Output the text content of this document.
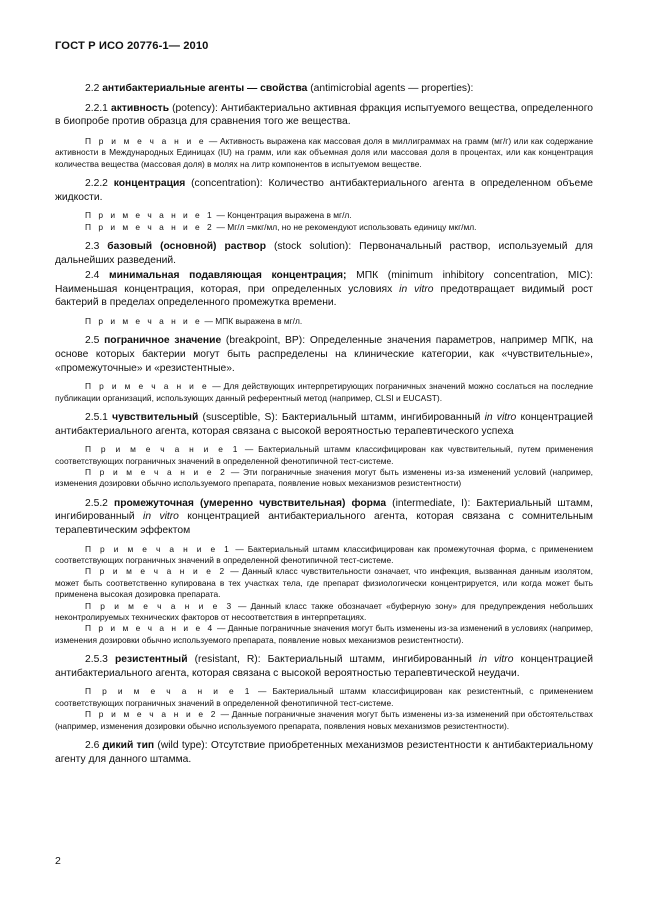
ГОСТ Р ИСО 20776-1— 2010

2.2 антибактериальные агенты — свойства (antimicrobial agents — properties):

2.2.1 активность (potency): Антибактериально активная фракция испытуемого вещества, определенного в биопробе против образца для сравнения того же вещества.

П р и м е ч а н и е — Активность выражена как массовая доля в миллиграммах на грамм (мг/г) или как содержание активности в Международных Единицах (IU) на грамм, или как объемная доля или массовая доля в процентах, или как концентрация количества вещества (массовая доля) в молях на литр компонентов в испытуемом веществе.

2.2.2 концентрация (concentration): Количество антибактериального агента в определенном объеме жидкости.

П р и м е ч а н и е 1 — Концентрация выражена в мг/л.

П р и м е ч а н и е 2 — Мг/л =мкг/мл, но не рекомендуют использовать единицу мкг/мл.

2.3 базовый (основной) раствор (stock solution): Первоначальный раствор, используемый для дальнейших разведений.

2.4 минимальная подавляющая концентрация; МПК (minimum inhibitory concentration, MIC): Наименьшая концентрация, которая, при определенных условиях in vitro предотвращает видимый рост бактерий в пределах определенного промежутка времени.

П р и м е ч а н и е — МПК выражена в мг/л.

2.5 пограничное значение (breakpoint, BP): Определенные значения параметров, например МПК, на основе которых бактерии могут быть распределены на клинические категории, как «чувствительные», «промежуточные» и «резистентные».

П р и м е ч а н и е — Для действующих интерпретирующих пограничных значений можно сослаться на последние публикации организаций, использующих данный референтный метод (например, CLSI и EUCAST).

2.5.1 чувствительный (susceptible, S): Бактериальный штамм, ингибированный in vitro концентрацией антибактериального агента, которая связана с высокой вероятностью терапевтического успеха

П р и м е ч а н и е 1 — Бактериальный штамм классифицирован как чувствительный, путем применения соответствующих пограничных значений в определенной фенотипичной тест-системе.

П р и м е ч а н и е 2 — Эти пограничные значения могут быть изменены из-за изменений условий (например, изменения дозировки обычно используемого препарата, появление новых механизмов резистентности)

2.5.2 промежуточная (умеренно чувствительная) форма (intermediate, I): Бактериальный штамм, ингибированный in vitro концентрацией антибактериального агента, которая связана с сомнительным терапевтическим эффектом

П р и м е ч а н и е 1 — Бактериальный штамм классифицирован как промежуточная форма, с применением соответствующих пограничных значений в определенной фенотипичной тест-системе.

П р и м е ч а н и е 2 — Данный класс чувствительности означает, что инфекция, вызванная данным изолятом, может быть соответственно купирована в тех участках тела, где препарат физиологически концентрируется, или когда может быть применена высокая дозировка препарата.

П р и м е ч а н и е 3 — Данный класс также обозначает «буферную зону» для предупреждения небольших неконтролируемых технических факторов от несоответствия в интерпретациях.

П р и м е ч а н и е 4 — Данные пограничные значения могут быть изменены из-за изменений в условиях (например, изменения дозировки обычно используемого препарата, появление новых механизмов резистентности).

2.5.3 резистентный (resistant, R): Бактериальный штамм, ингибированный in vitro концентрацией антибактериального агента, которая связана с высокой вероятностью терапевтической неудачи.

П р и м е ч а н и е 1 — Бактериальный штамм классифицирован как резистентный, с применением соответствующих пограничных значений в определенной фенотипичной тест-системе.

П р и м е ч а н и е 2 — Данные пограничные значения могут быть изменены из-за изменений при обстоятельствах (например, изменения дозировки обычно используемого препарата, появления новых механизмов резистентности).

2.6 дикий тип (wild type): Отсутствие приобретенных механизмов резистентности к антибактериальному агенту для данного штамма.

2
